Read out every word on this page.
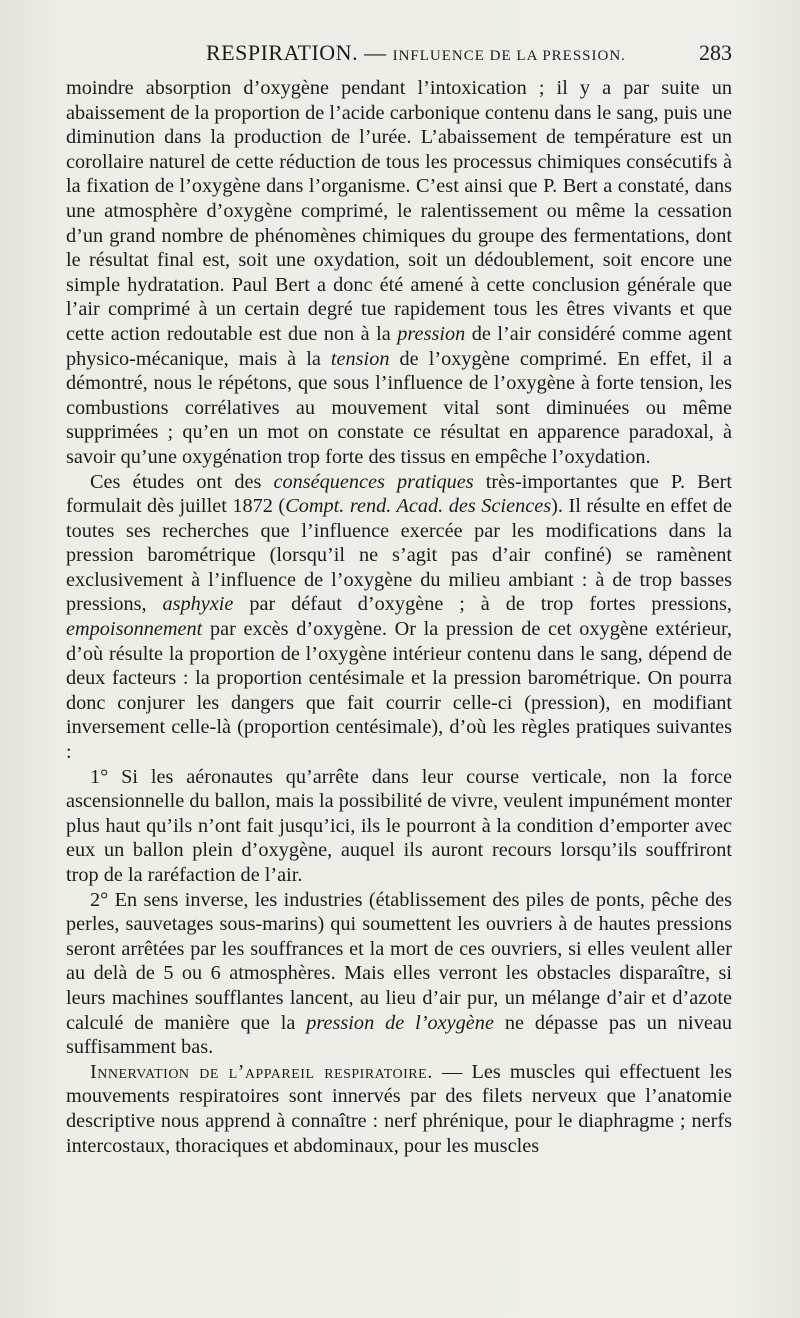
RESPIRATION. — INFLUENCE DE LA PRESSION.	283

moindre absorption d’oxygène pendant l’intoxication ; il y a par suite un abaissement de la proportion de l’acide carbonique contenu dans le sang, puis une diminution dans la production de l’urée. L’abaissement de température est un corollaire naturel de cette réduction de tous les processus chimiques consécutifs à la fixation de l’oxygène dans l’organisme. C’est ainsi que P. Bert a constaté, dans une atmosphère d’oxygène comprimé, le ralentissement ou même la cessation d’un grand nombre de phénomènes chimiques du groupe des fermentations, dont le résultat final est, soit une oxydation, soit un dédoublement, soit encore une simple hydratation. Paul Bert a donc été amené à cette conclusion générale que l’air comprimé à un certain degré tue rapidement tous les êtres vivants et que cette action redoutable est due non à la pression de l’air considéré comme agent physico-mécanique, mais à la tension de l’oxygène comprimé. En effet, il a démontré, nous le répétons, que sous l’influence de l’oxygène à forte tension, les combustions corrélatives au mouvement vital sont diminuées ou même supprimées ; qu’en un mot on constate ce résultat en apparence paradoxal, à savoir qu’une oxygénation trop forte des tissus en empêche l’oxydation.

Ces études ont des conséquences pratiques très-importantes que P. Bert formulait dès juillet 1872 (Compt. rend. Acad. des Sciences). Il résulte en effet de toutes ses recherches que l’influence exercée par les modifications dans la pression barométrique (lorsqu’il ne s’agit pas d’air confiné) se ramènent exclusivement à l’influence de l’oxygène du milieu ambiant : à de trop basses pressions, asphyxie par défaut d’oxygène ; à de trop fortes pressions, empoisonnement par excès d’oxygène. Or la pression de cet oxygène extérieur, d’où résulte la proportion de l’oxygène intérieur contenu dans le sang, dépend de deux facteurs : la proportion centésimale et la pression barométrique. On pourra donc conjurer les dangers que fait courrir celle-ci (pression), en modifiant inversement celle-là (proportion centésimale), d’où les règles pratiques suivantes :

1° Si les aéronautes qu’arrête dans leur course verticale, non la force ascensionnelle du ballon, mais la possibilité de vivre, veulent impunément monter plus haut qu’ils n’ont fait jusqu’ici, ils le pourront à la condition d’emporter avec eux un ballon plein d’oxygène, auquel ils auront recours lorsqu’ils souffriront trop de la raréfaction de l’air.

2° En sens inverse, les industries (établissement des piles de ponts, pêche des perles, sauvetages sous-marins) qui soumettent les ouvriers à de hautes pressions seront arrêtées par les souffrances et la mort de ces ouvriers, si elles veulent aller au delà de 5 ou 6 atmosphères. Mais elles verront les obstacles disparaître, si leurs machines soufflantes lancent, au lieu d’air pur, un mélange d’air et d’azote calculé de manière que la pression de l’oxygène ne dépasse pas un niveau suffisamment bas.

Innervation de l’appareil respiratoire. — Les muscles qui effectuent les mouvements respiratoires sont innervés par des filets nerveux que l’anatomie descriptive nous apprend à connaître : nerf phrénique, pour le diaphragme ; nerfs intercostaux, thoraciques et abdominaux, pour les muscles
